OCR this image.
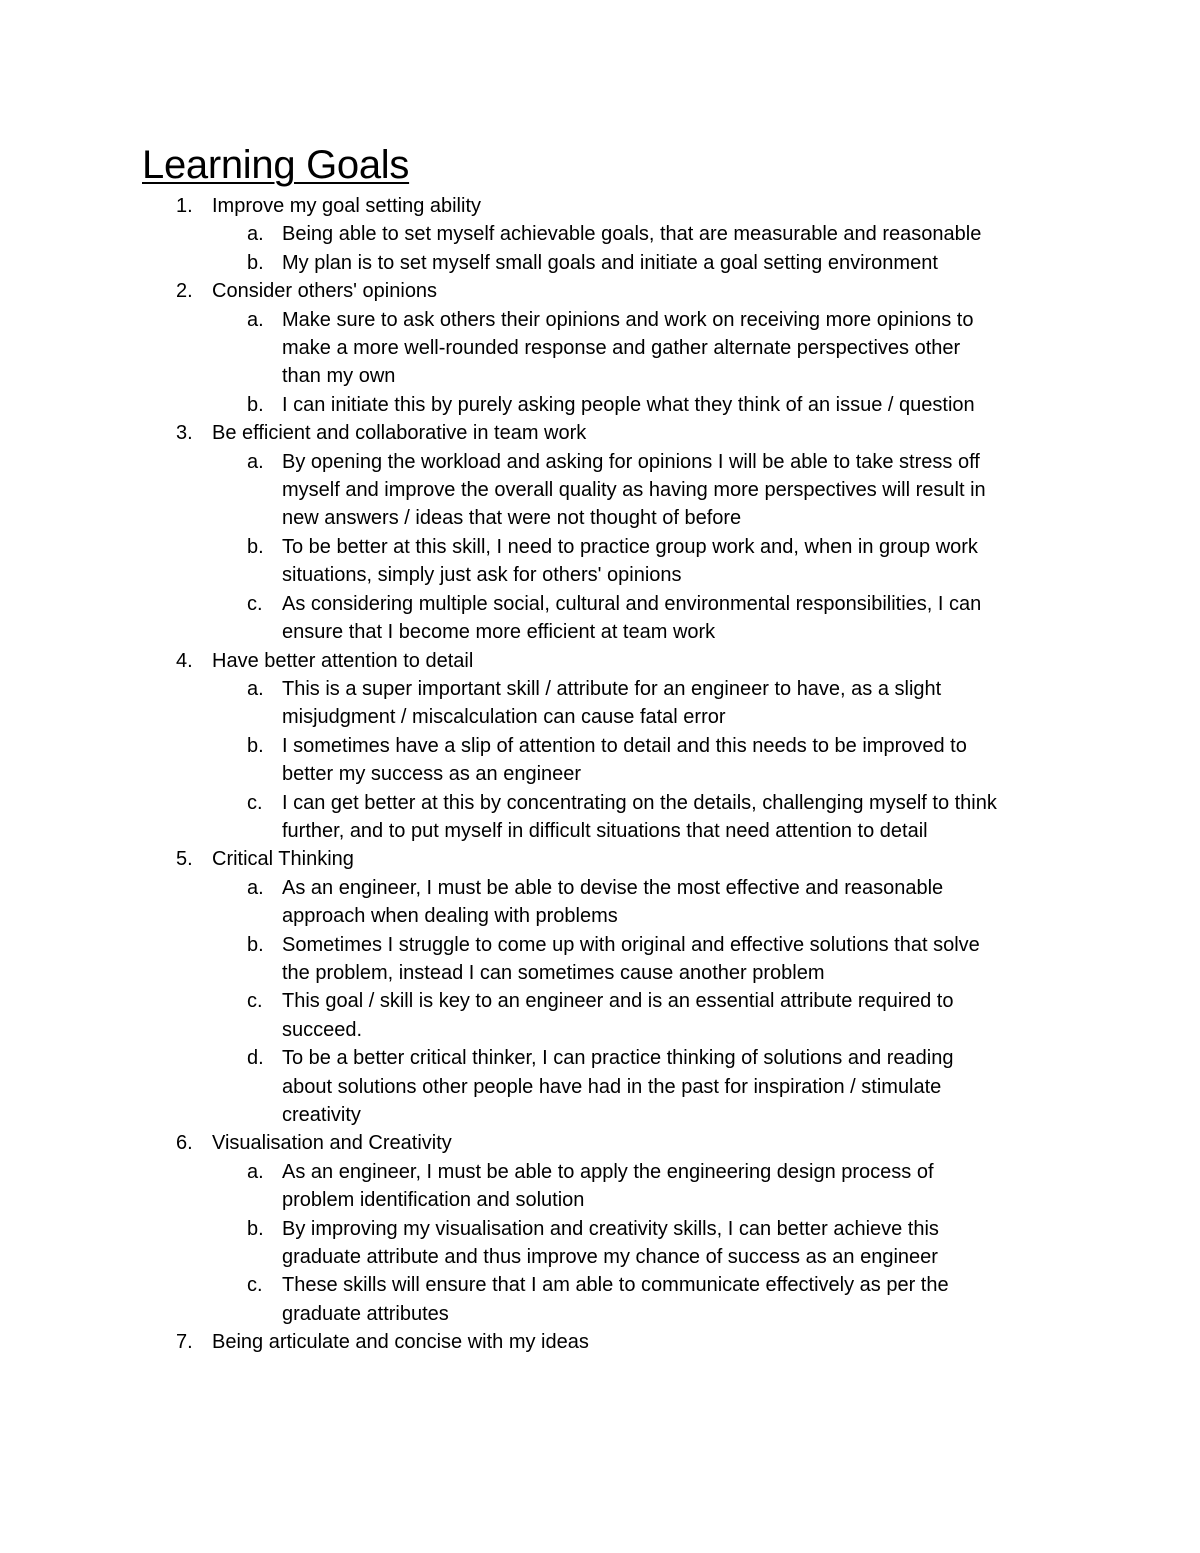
Learning Goals
1. Improve my goal setting ability
a. Being able to set myself achievable goals, that are measurable and reasonable
b. My plan is to set myself small goals and initiate a goal setting environment
2. Consider others' opinions
a. Make sure to ask others their opinions and work on receiving more opinions to
make a more well-rounded response and gather alternate perspectives other
than my own
b. I can initiate this by purely asking people what they think of an issue / question
3. Be efficient and collaborative in team work
a. By opening the workload and asking for opinions I will be able to take stress off
myself and improve the overall quality as having more perspectives will result in
new answers / ideas that were not thought of before
b. To be better at this skill, I need to practice group work and, when in group work
situations, simply just ask for others' opinions
c. As considering multiple social, cultural and environmental responsibilities, I can
ensure that I become more efficient at team work
4. Have better attention to detail
a. This is a super important skill / attribute for an engineer to have, as a slight
misjudgment / miscalculation can cause fatal error
b. I sometimes have a slip of attention to detail and this needs to be improved to
better my success as an engineer
c. I can get better at this by concentrating on the details, challenging myself to think
further, and to put myself in difficult situations that need attention to detail
5. Critical Thinking
a. As an engineer, I must be able to devise the most effective and reasonable
approach when dealing with problems
b. Sometimes I struggle to come up with original and effective solutions that solve
the problem, instead I can sometimes cause another problem
c. This goal / skill is key to an engineer and is an essential attribute required to
succeed.
d. To be a better critical thinker, I can practice thinking of solutions and reading
about solutions other people have had in the past for inspiration / stimulate
creativity
6. Visualisation and Creativity
a. As an engineer, I must be able to apply the engineering design process of
problem identification and solution
b. By improving my visualisation and creativity skills, I can better achieve this
graduate attribute and thus improve my chance of success as an engineer
c. These skills will ensure that I am able to communicate effectively as per the
graduate attributes
7. Being articulate and concise with my ideas
